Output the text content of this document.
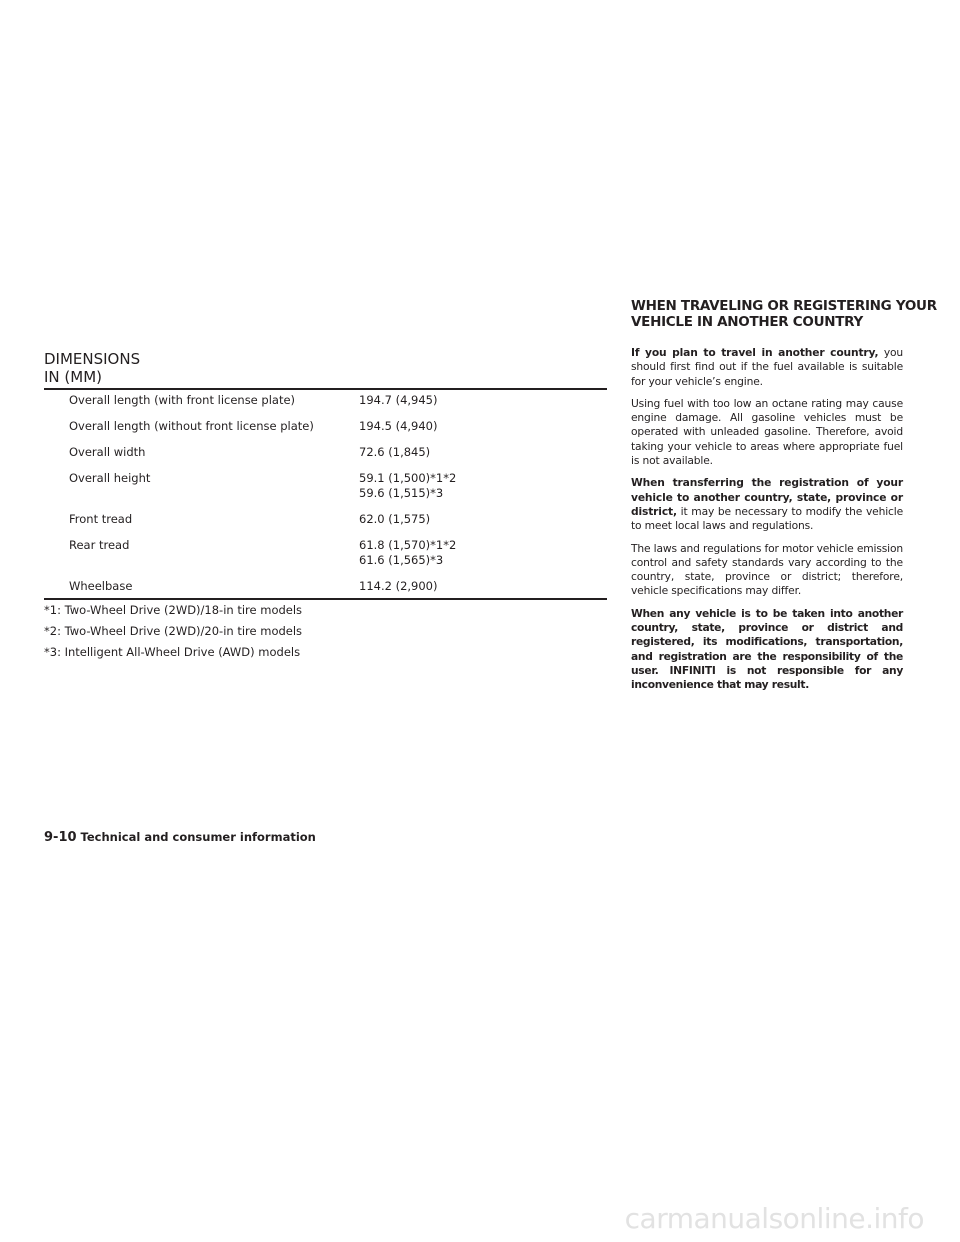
DIMENSIONS
IN (MM)
Overall length (with front license plate)	194.7 (4,945)
Overall length (without front license plate)	194.5 (4,940)
Overall width	72.6 (1,845)
Overall height	59.1 (1,500)*1*2
59.6 (1,515)*3
Front tread	62.0 (1,575)
Rear tread	61.8 (1,570)*1*2
61.6 (1,565)*3
Wheelbase	114.2 (2,900)
*1: Two-Wheel Drive (2WD)/18-in tire models
*2: Two-Wheel Drive (2WD)/20-in tire models
*3: Intelligent All-Wheel Drive (AWD) models
WHEN TRAVELING OR REGISTERING YOUR
VEHICLE IN ANOTHER COUNTRY

If you plan to travel in another country, you should first find out if the fuel available is suitable for your vehicle’s engine.

Using fuel with too low an octane rating may cause engine damage. All gasoline vehicles must be operated with unleaded gasoline. Therefore, avoid taking your vehicle to areas where appropriate fuel is not available.

When transferring the registration of your vehicle to another country, state, province or district, it may be necessary to modify the vehicle to meet local laws and regulations.

The laws and regulations for motor vehicle emission control and safety standards vary according to the country, state, province or district; therefore, vehicle specifications may differ.

When any vehicle is to be taken into another country, state, province or district and registered, its modifications, transportation, and registration are the responsibility of the user. INFINITI is not responsible for any inconvenience that may result.

9-10 Technical and consumer information
carmanualsonline.info
